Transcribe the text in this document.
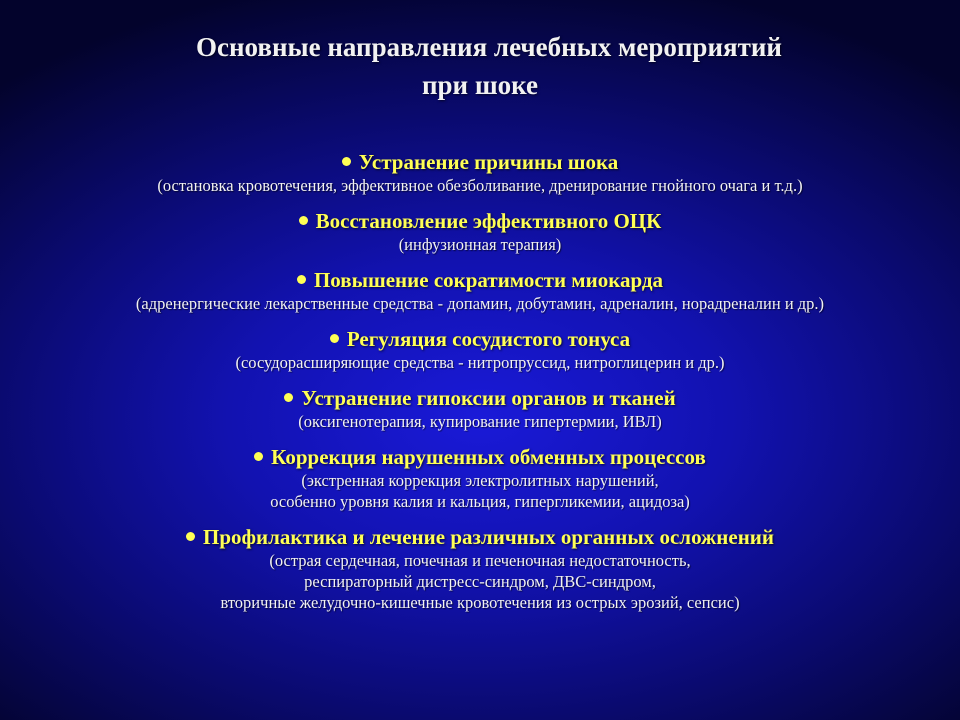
Основные направления лечебных мероприятий
при шоке
Устранение причины шока
(остановка кровотечения, эффективное обезболивание, дренирование гнойного очага и т.д.)
Восстановление эффективного ОЦК
(инфузионная терапия)
Повышение сократимости миокарда
(адренергические лекарственные средства - допамин, добутамин, адреналин, норадреналин и др.)
Регуляция сосудистого тонуса
(сосудорасширяющие средства - нитропруссид, нитроглицерин и др.)
Устранение гипоксии органов и тканей
(оксигенотерапия, купирование гипертермии, ИВЛ)
Коррекция нарушенных обменных процессов
(экстренная коррекция электролитных нарушений,
особенно уровня калия и кальция, гипергликемии, ацидоза)
Профилактика и лечение различных органных осложнений
(острая сердечная, почечная и печеночная недостаточность,
респираторный дистресс-синдром, ДВС-синдром,
вторичные желудочно-кишечные кровотечения из острых эрозий, сепсис)
